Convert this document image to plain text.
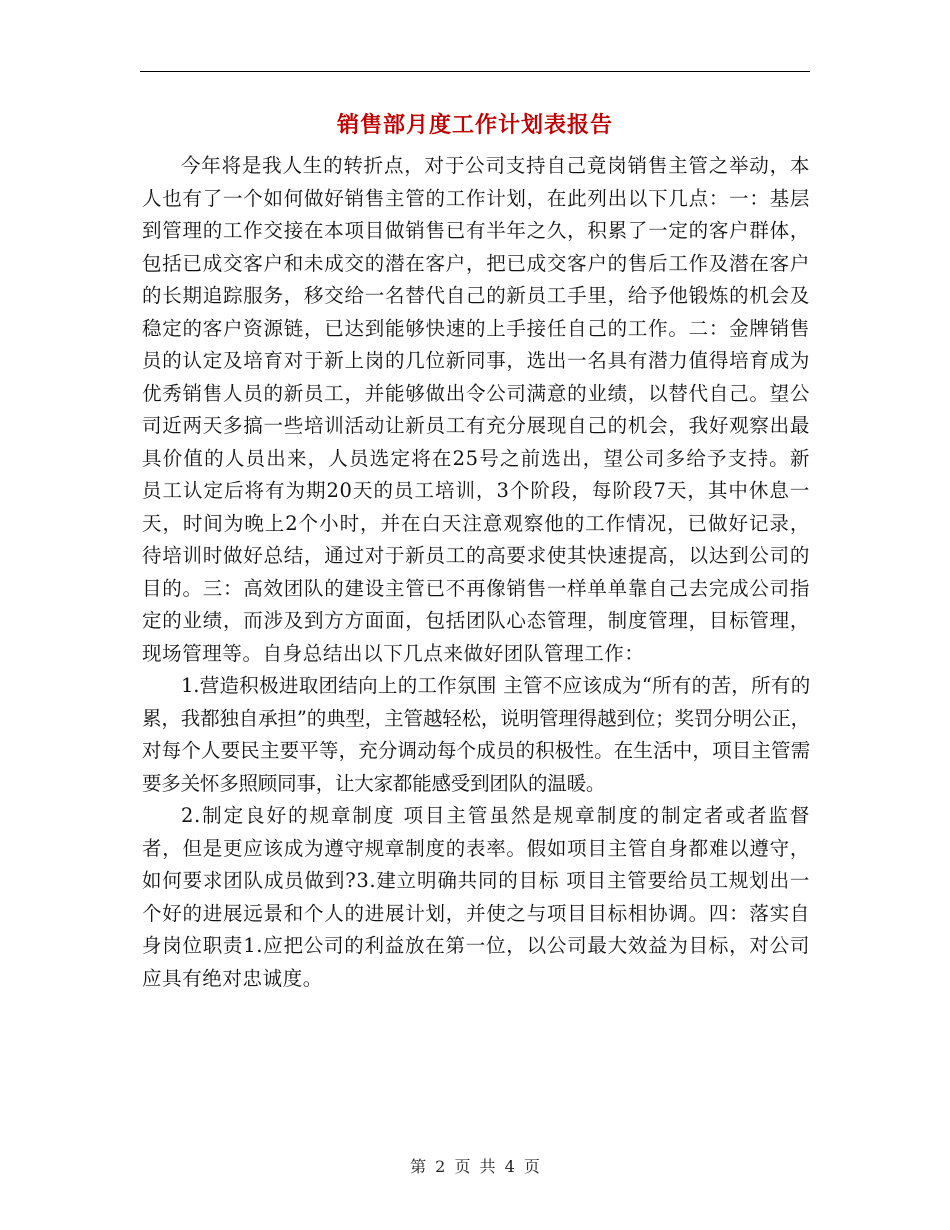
销售部月度工作计划表报告

今年将是我人生的转折点，对于公司支持自己竟岗销售主管之举动，本人也有了一个如何做好销售主管的工作计划，在此列出以下几点：一：基层到管理的工作交接在本项目做销售已有半年之久，积累了一定的客户群体，包括已成交客户和未成交的潜在客户，把已成交客户的售后工作及潜在客户的长期追踪服务，移交给一名替代自己的新员工手里，给予他锻炼的机会及稳定的客户资源链，已达到能够快速的上手接任自己的工作。二：金牌销售员的认定及培育对于新上岗的几位新同事，选出一名具有潜力值得培育成为优秀销售人员的新员工，并能够做出令公司满意的业绩，以替代自己。望公司近两天多搞一些培训活动让新员工有充分展现自己的机会，我好观察出最具价值的人员出来，人员选定将在25号之前选出，望公司多给予支持。新员工认定后将有为期20天的员工培训，3个阶段，每阶段7天，其中休息一天，时间为晚上2个小时，并在白天注意观察他的工作情况，已做好记录，待培训时做好总结，通过对于新员工的高要求使其快速提高，以达到公司的目的。三：高效团队的建设主管已不再像销售一样单单靠自己去完成公司指定的业绩，而涉及到方方面面，包括团队心态管理，制度管理，目标管理，现场管理等。自身总结出以下几点来做好团队管理工作：

1.营造积极进取团结向上的工作氛围 主管不应该成为“所有的苦，所有的累，我都独自承担”的典型，主管越轻松，说明管理得越到位；奖罚分明公正，对每个人要民主要平等，充分调动每个成员的积极性。在生活中，项目主管需要多关怀多照顾同事，让大家都能感受到团队的温暖。

2.制定良好的规章制度 项目主管虽然是规章制度的制定者或者监督者，但是更应该成为遵守规章制度的表率。假如项目主管自身都难以遵守，如何要求团队成员做到?3.建立明确共同的目标 项目主管要给员工规划出一个好的进展远景和个人的进展计划，并使之与项目目标相协调。四：落实自身岗位职责1.应把公司的利益放在第一位，以公司最大效益为目标，对公司应具有绝对忠诚度。

第 2 页 共 4 页
